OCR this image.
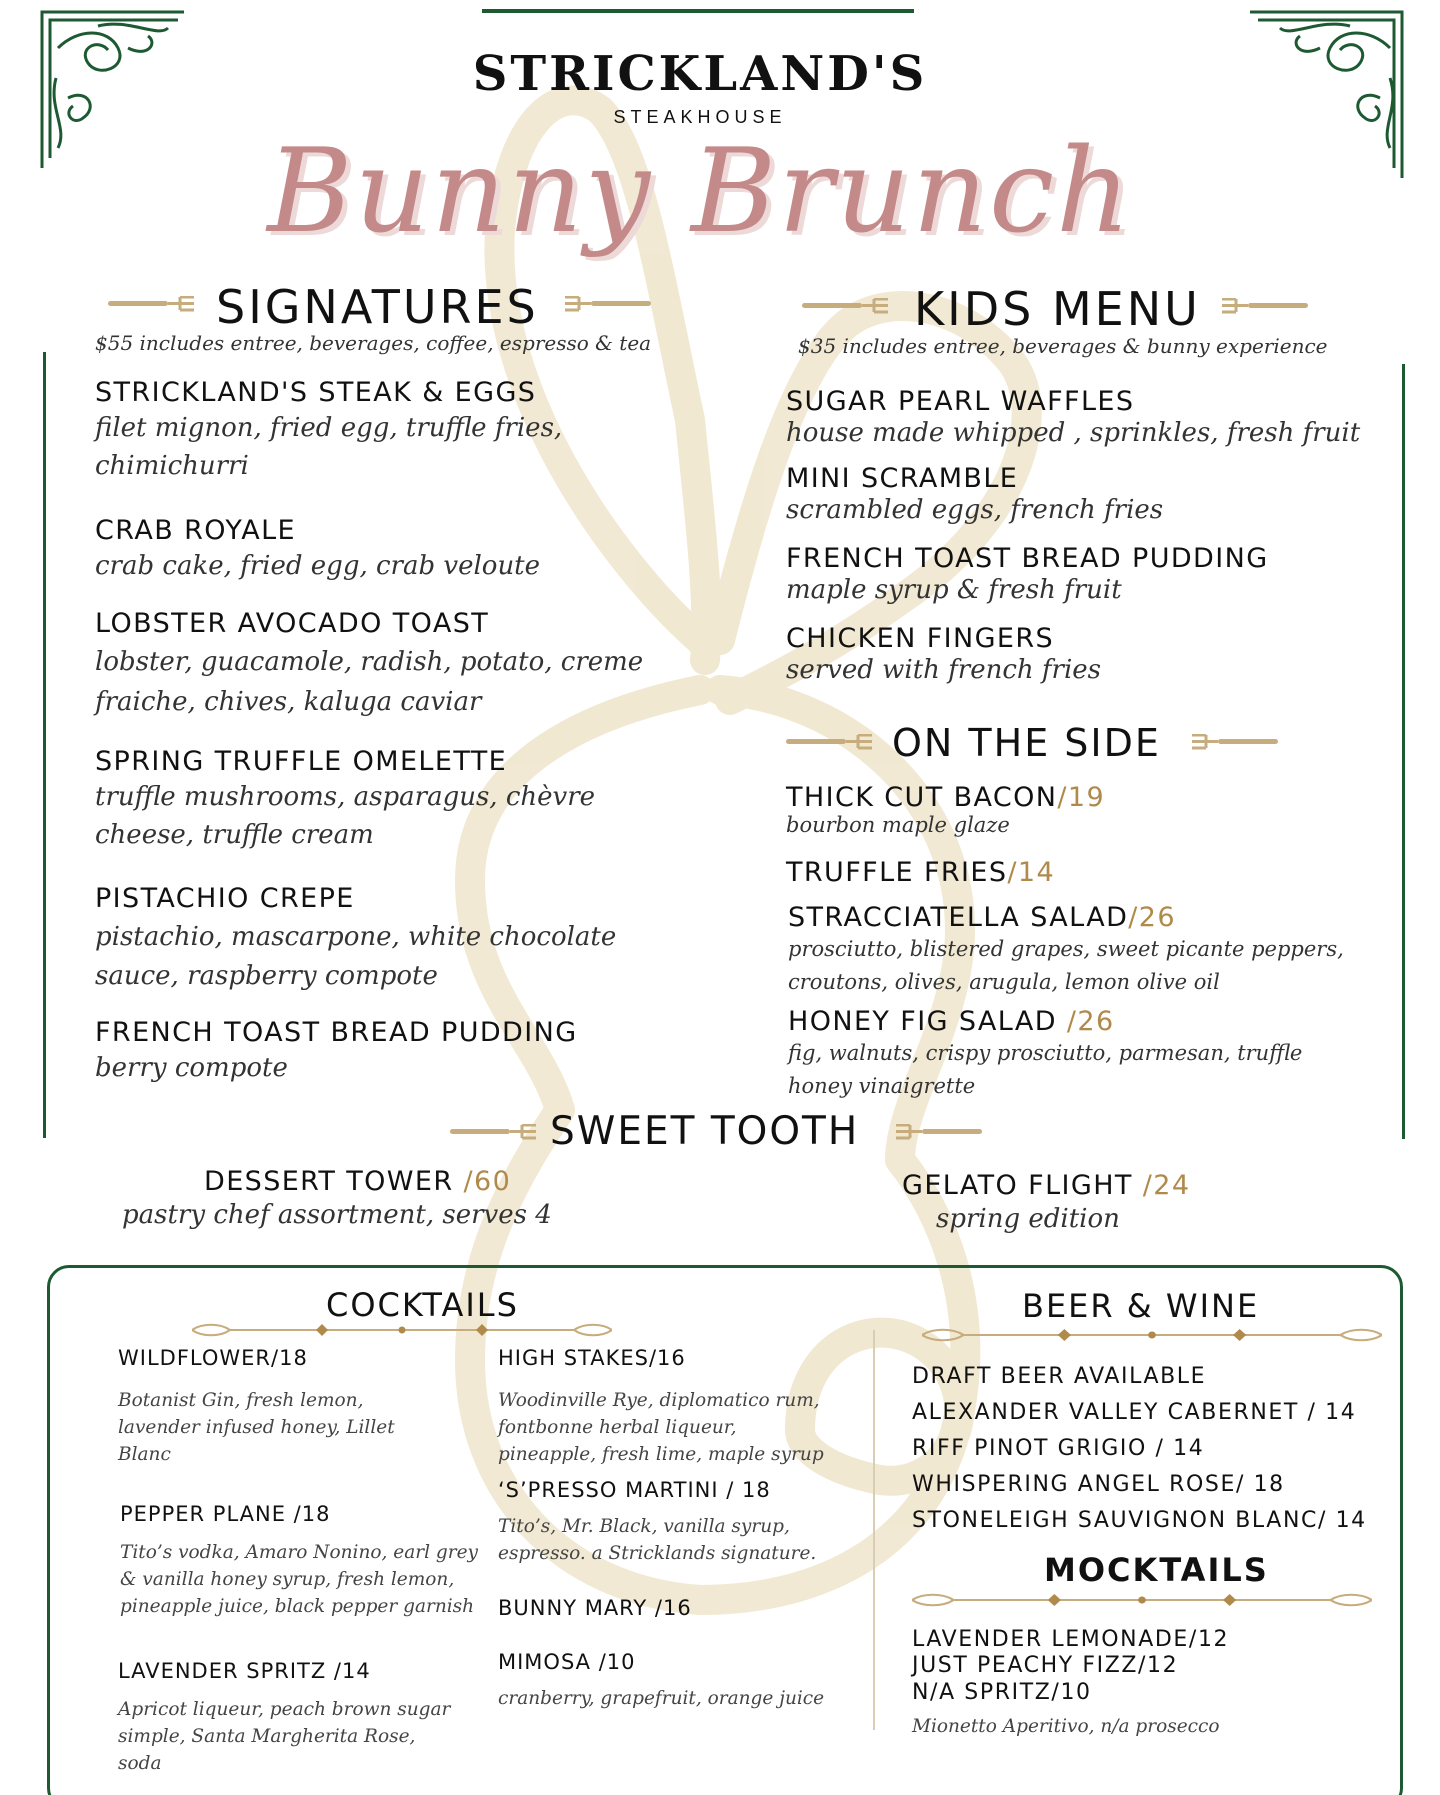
STRICKLAND'S
STEAKHOUSE
Bunny Brunch
SIGNATURES
$55 includes entree, beverages, coffee, espresso & tea
STRICKLAND'S STEAK & EGGS
filet mignon, fried egg, truffle fries, chimichurri
CRAB ROYALE
crab cake, fried egg, crab veloute
LOBSTER AVOCADO TOAST
lobster, guacamole, radish, potato, creme fraiche, chives, kaluga caviar
SPRING TRUFFLE OMELETTE
truffle mushrooms, asparagus, chèvre cheese, truffle cream
PISTACHIO CREPE
pistachio, mascarpone, white chocolate sauce, raspberry compote
FRENCH TOAST BREAD PUDDING
berry compote
KIDS MENU
$35 includes entree, beverages & bunny experience
SUGAR PEARL WAFFLES
house made whipped , sprinkles, fresh fruit
MINI SCRAMBLE
scrambled eggs, french fries
FRENCH TOAST BREAD PUDDING
maple syrup & fresh fruit
CHICKEN FINGERS
served with french fries
ON THE SIDE
THICK CUT BACON/19
bourbon maple glaze
TRUFFLE FRIES/14
STRACCIATELLA SALAD/26
prosciutto, blistered grapes, sweet picante peppers, croutons, olives, arugula, lemon olive oil
HONEY FIG SALAD /26
fig, walnuts, crispy prosciutto, parmesan, truffle honey vinaigrette
SWEET TOOTH
DESSERT TOWER /60
pastry chef assortment, serves 4
GELATO FLIGHT /24
spring edition
COCKTAILS
WILDFLOWER/18
Botanist Gin, fresh lemon, lavender infused honey, Lillet Blanc
PEPPER PLANE /18
Tito’s vodka, Amaro Nonino, earl grey & vanilla honey syrup, fresh lemon, pineapple juice, black pepper garnish
LAVENDER SPRITZ /14
Apricot liqueur, peach brown sugar simple, Santa Margherita Rose, soda
HIGH STAKES/16
Woodinville Rye, diplomatico rum, fontbonne herbal liqueur, pineapple, fresh lime, maple syrup
‘S’PRESSO MARTINI / 18
Tito’s, Mr. Black, vanilla syrup, espresso. a Stricklands signature.
BUNNY MARY /16
MIMOSA /10
cranberry, grapefruit, orange juice
BEER & WINE
DRAFT BEER AVAILABLE
ALEXANDER VALLEY CABERNET / 14
RIFF PINOT GRIGIO / 14
WHISPERING ANGEL ROSE/ 18
STONELEIGH SAUVIGNON BLANC/ 14
MOCKTAILS
LAVENDER LEMONADE/12
JUST PEACHY FIZZ/12
N/A SPRITZ/10
Mionetto Aperitivo, n/a prosecco
